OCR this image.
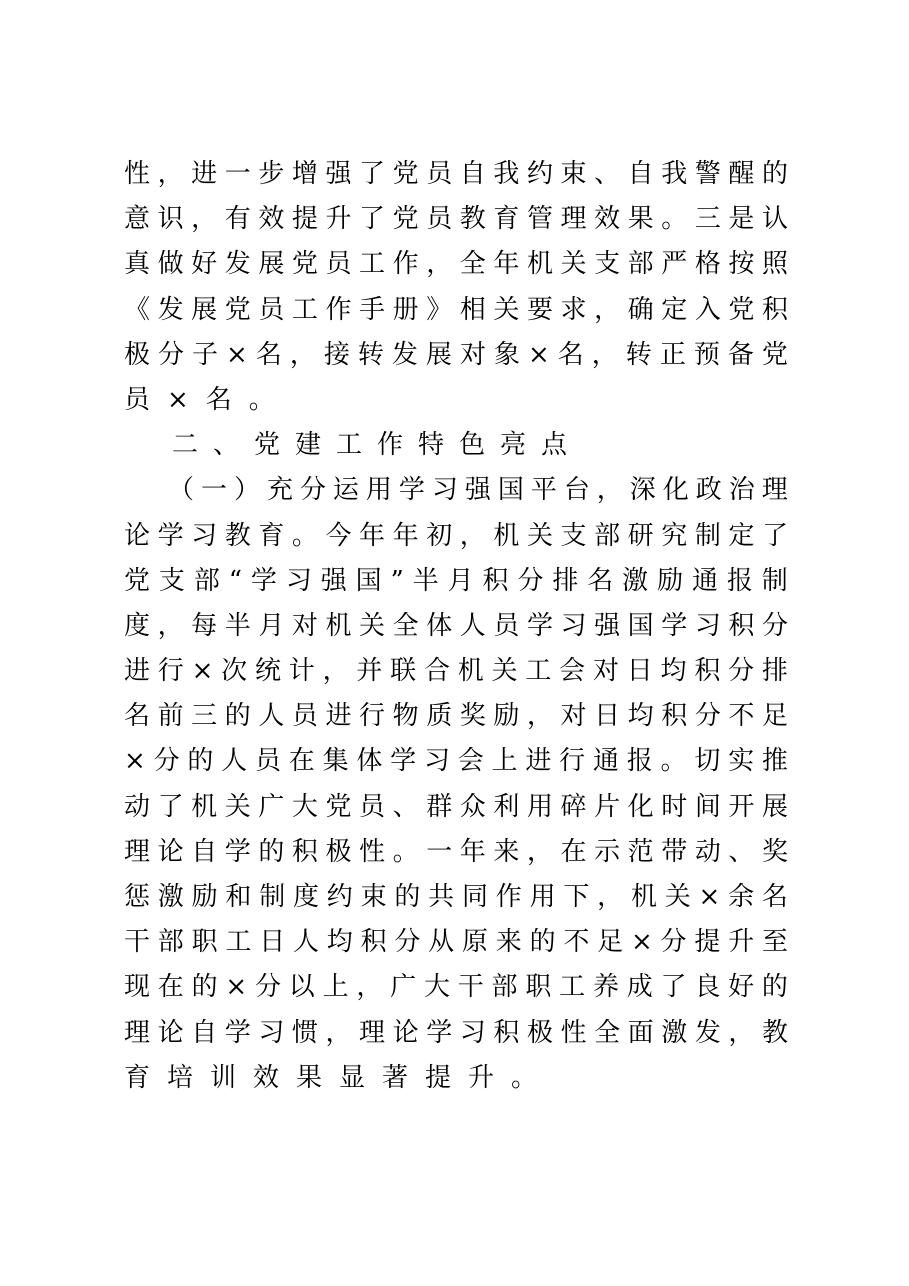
性 ， 进 一 步 增 强 了 党 员 自 我 约 束 、 自 我 警 醒 的
意 识 ， 有 效 提 升 了 党 员 教 育 管 理 效 果 。 三 是 认
真 做 好 发 展 党 员 工 作 ， 全 年 机 关 支 部 严 格 按 照
《 发 展 党 员 工 作 手 册 》 相 关 要 求 ， 确 定 入 党 积
极 分 子 × 名 ， 接 转 发 展 对 象 × 名 ， 转 正 预 备 党
员×名。
二、党建工作特色亮点
（ 一 ） 充 分 运 用 学 习 强 国 平 台 ， 深 化 政 治 理
论 学 习 教 育 。 今 年 年 初 ， 机 关 支 部 研 究 制 定 了
党 支 部 “ 学 习 强 国 ” 半 月 积 分 排 名 激 励 通 报 制
度 ， 每 半 月 对 机 关 全 体 人 员 学 习 强 国 学 习 积 分
进 行 × 次 统 计 ， 并 联 合 机 关 工 会 对 日 均 积 分 排
名 前 三 的 人 员 进 行 物 质 奖 励 ， 对 日 均 积 分 不 足
× 分 的 人 员 在 集 体 学 习 会 上 进 行 通 报 。 切 实 推
动 了 机 关 广 大 党 员 、 群 众 利 用 碎 片 化 时 间 开 展
理 论 自 学 的 积 极 性 。 一 年 来 ， 在 示 范 带 动 、 奖
惩 激 励 和 制 度 约 束 的 共 同 作 用 下 ， 机 关 × 余 名
干 部 职 工 日 人 均 积 分 从 原 来 的 不 足 × 分 提 升 至
现 在 的 × 分 以 上 ， 广 大 干 部 职 工 养 成 了 良 好 的
理 论 自 学 习 惯 ， 理 论 学 习 积 极 性 全 面 激 发 ， 教
育培训效果显著提升。
